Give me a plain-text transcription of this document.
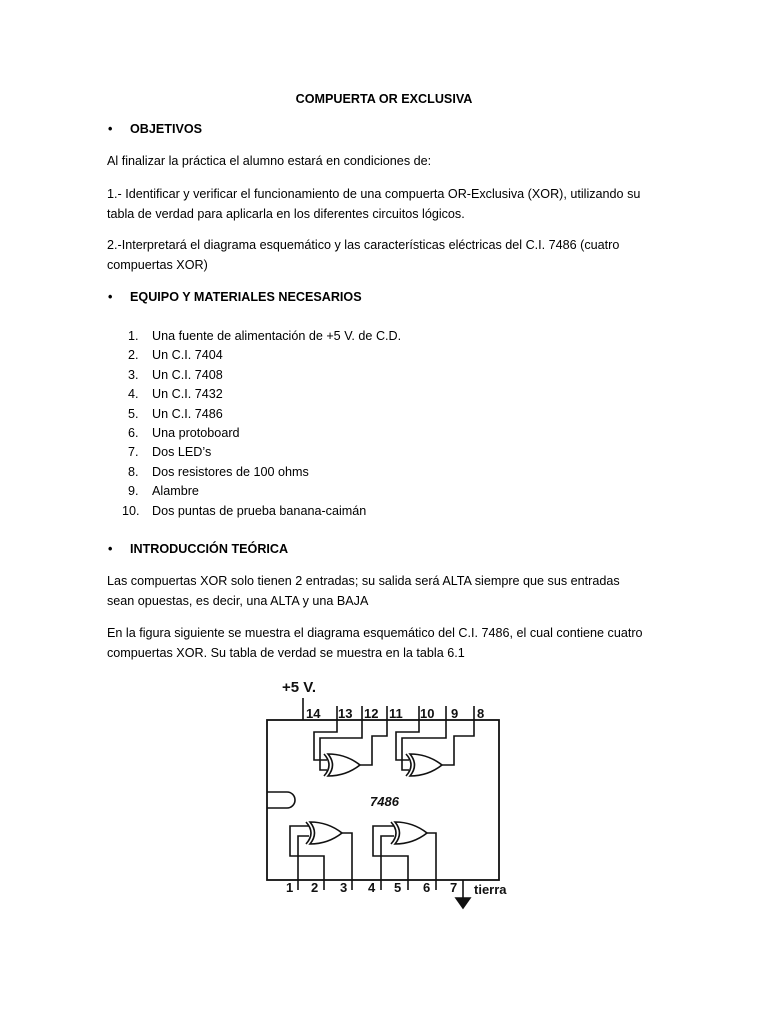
COMPUERTA OR EXCLUSIVA
• OBJETIVOS
Al finalizar la práctica el alumno estará en condiciones de:
1.- Identificar y verificar el funcionamiento de una compuerta OR-Exclusiva (XOR), utilizando su tabla de verdad para aplicarla en los diferentes circuitos lógicos.
2.-Interpretará el diagrama esquemático y las características eléctricas del C.I. 7486 (cuatro compuertas XOR)
• EQUIPO Y MATERIALES NECESARIOS
1. Una fuente de alimentación de +5 V. de C.D.
2. Un C.I. 7404
3. Un C.I. 7408
4. Un C.I. 7432
5. Un C.I. 7486
6. Una protoboard
7. Dos LED’s
8. Dos resistores de 100 ohms
9. Alambre
10. Dos puntas de prueba banana-caimán
• INTRODUCCIÓN TEÓRICA
Las compuertas XOR solo tienen 2 entradas; su salida será ALTA siempre que sus entradas sean opuestas, es decir, una ALTA y una BAJA
En la figura siguiente se muestra el diagrama esquemático del C.I. 7486, el cual contiene cuatro compuertas XOR. Su tabla de verdad se muestra en la tabla 6.1
+5 V.
14 13 12 11 10 9 8
1 2 3 4 5 6 7 tierra
7486
